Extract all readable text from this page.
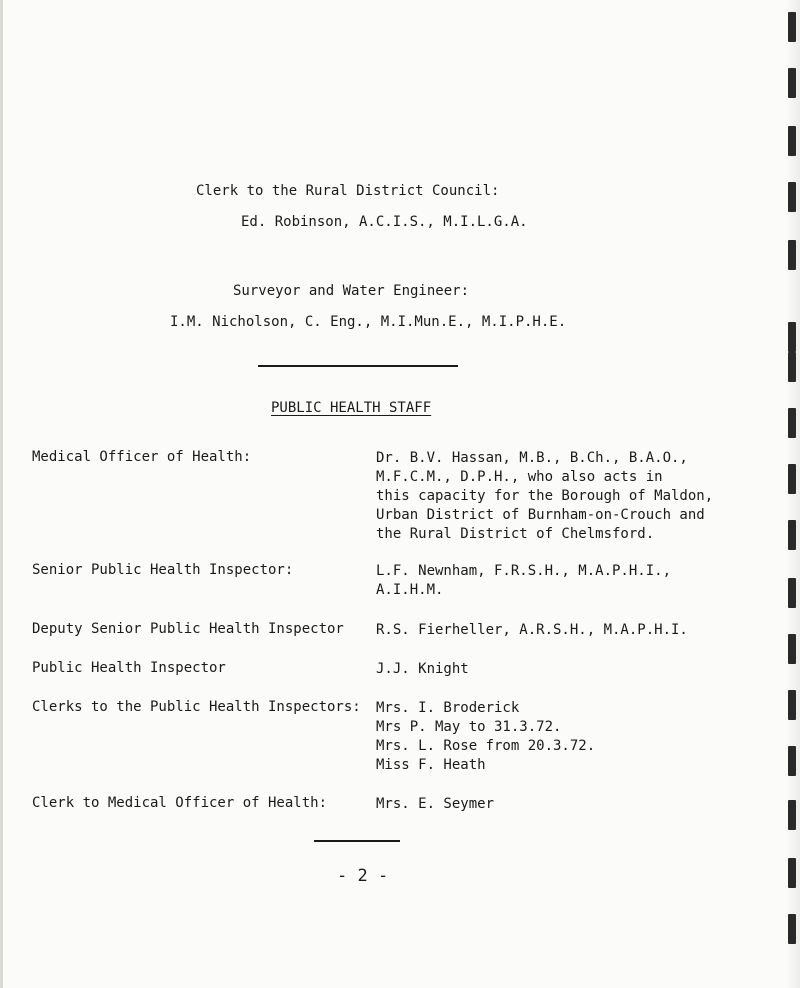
Clerk to the Rural District Council:
Ed. Robinson, A.C.I.S., M.I.L.G.A.
Surveyor and Water Engineer:
I.M. Nicholson, C. Eng., M.I.Mun.E., M.I.P.H.E.
PUBLIC HEALTH STAFF
Medical Officer of Health:	Dr. B.V. Hassan, M.B., B.Ch., B.A.O.,
M.F.C.M., D.P.H., who also acts in
this capacity for the Borough of Maldon,
Urban District of Burnham-on-Crouch and
the Rural District of Chelmsford.
Senior Public Health Inspector:	L.F. Newnham, F.R.S.H., M.A.P.H.I.,
A.I.H.M.
Deputy Senior Public Health Inspector R.S. Fierheller, A.R.S.H., M.A.P.H.I.
Public Health Inspector	J.J. Knight
Clerks to the Public Health Inspectors: Mrs. I. Broderick
Mrs P. May to 31.3.72.
Mrs. L. Rose from 20.3.72.
Miss F. Heath
Clerk to Medical Officer of Health:	Mrs. E. Seymer
- 2 -
